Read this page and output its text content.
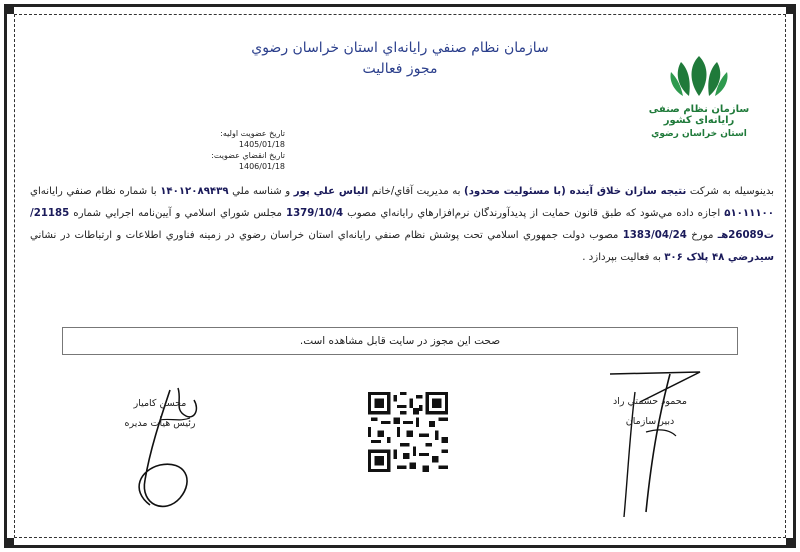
سازمان نظام صنفي رايانه‌اي استان خراسان رضوي
مجوز فعاليت
سازمان نظام صنفی رایانه‌ای کشور
استان خراسان رضوي
تاريخ عضويت اوليه:
1405/01/18
تاريخ انقضاي عضويت:
1406/01/18
بدينوسيله به شركت نتيجه سازان خلاق آينده (با مسئوليت محدود) به مديريت آقاي/خانم الياس علي پور و شناسه ملي ۱۴۰۱۲۰۸۹۴۳۹ با شماره نظام صنفي رايانه‌اي ۵۱۰۱۱۱۰۰ اجازه داده مي‌شود كه طبق قانون حمايت از پديدآورندگان نرم‌افزارهاي رايانه‌اي مصوب 1379/10/4 مجلس شوراي اسلامي و آيين‌نامه اجرايي شماره 21185/ت26089هـ مورخ 1383/04/24 مصوب دولت جمهوري اسلامي تحت پوشش نظام صنفي رايانه‌اي استان خراسان رضوي در زمينه فناوري اطلاعات و ارتباطات در نشاني سيدرضي ۴۸ پلاک ۳۰۶ به فعاليت بپردازد .
صحت اين مجوز در سايت قابل مشاهده است.
محسن كامیار
رئيس هيأت مديره
محمود حشمتي راد
دبير سازمان
